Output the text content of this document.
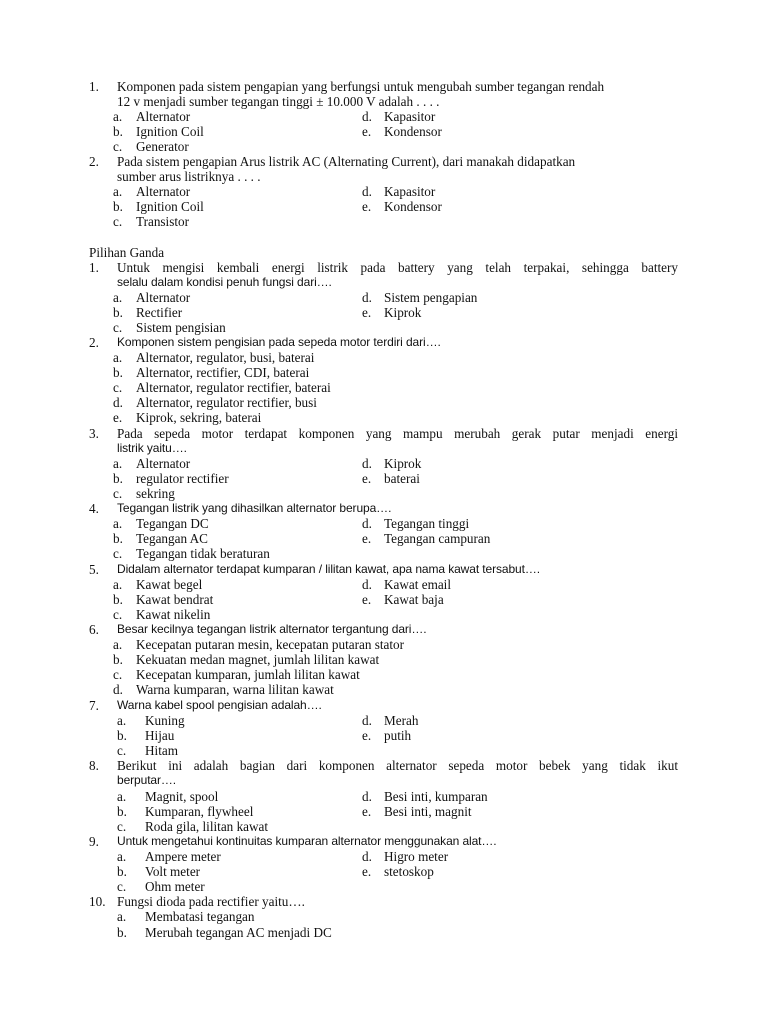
1. Komponen pada sistem pengapian yang berfungsi untuk mengubah sumber tegangan rendah
12 v menjadi sumber tegangan tinggi ± 10.000 V adalah . . . .
a. Alternator
b. Ignition Coil
c. Generator
d. Kapasitor
e. Kondensor
2. Pada sistem pengapian Arus listrik AC (Alternating Current), dari manakah didapatkan
sumber arus listriknya . . . .
a. Alternator
b. Ignition Coil
c. Transistor
d. Kapasitor
e. Kondensor
Pilihan Ganda
1. Untuk mengisi kembali energi listrik pada battery yang telah terpakai, sehingga battery
selalu dalam kondisi penuh fungsi dari….
a. Alternator
b. Rectifier
c. Sistem pengisian
d. Sistem pengapian
e. Kiprok
2. Komponen sistem pengisian pada sepeda motor terdiri dari….
a. Alternator, regulator, busi, baterai
b. Alternator, rectifier, CDI, baterai
c. Alternator, regulator rectifier, baterai
d. Alternator, regulator rectifier, busi
e. Kiprok, sekring, baterai
3. Pada sepeda motor terdapat komponen yang mampu merubah gerak putar menjadi energi
listrik yaitu….
a. Alternator
b. regulator rectifier
c. sekring
d. Kiprok
e. baterai
4. Tegangan listrik yang dihasilkan alternator berupa….
a. Tegangan DC
b. Tegangan AC
c. Tegangan tidak beraturan
d. Tegangan tinggi
e. Tegangan campuran
5. Didalam alternator terdapat kumparan / lilitan kawat, apa nama kawat tersabut….
a. Kawat begel
b. Kawat bendrat
c. Kawat nikelin
d. Kawat email
e. Kawat baja
6. Besar kecilnya tegangan listrik alternator tergantung dari….
a. Kecepatan putaran mesin, kecepatan putaran stator
b. Kekuatan medan magnet, jumlah lilitan kawat
c. Kecepatan kumparan, jumlah lilitan kawat
d. Warna kumparan, warna lilitan kawat
7. Warna kabel spool pengisian adalah….
a. Kuning
b. Hijau
c. Hitam
d. Merah
e. putih
8. Berikut ini adalah bagian dari komponen alternator sepeda motor bebek yang tidak ikut
berputar….
a. Magnit, spool
b. Kumparan, flywheel
c. Roda gila, lilitan kawat
d. Besi inti, kumparan
e. Besi inti, magnit
9. Untuk mengetahui kontinuitas kumparan alternator menggunakan alat….
a. Ampere meter
b. Volt meter
c. Ohm meter
d. Higro meter
e. stetoskop
10. Fungsi dioda pada rectifier yaitu….
a. Membatasi tegangan
b. Merubah tegangan AC menjadi DC
